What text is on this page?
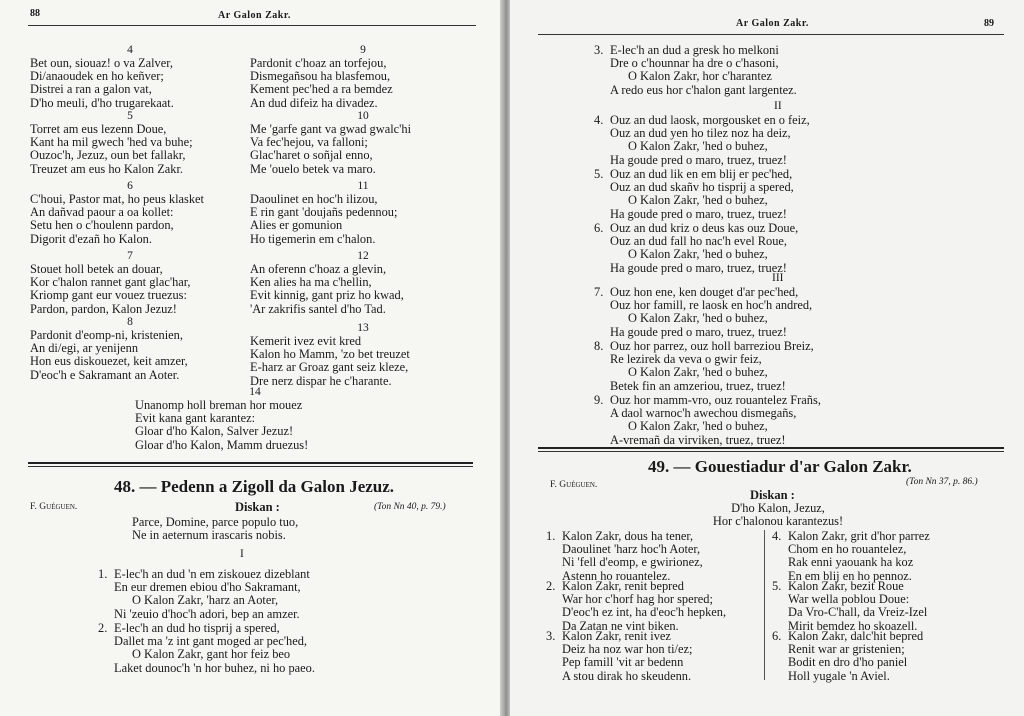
88	Ar Galon Zakr.
4
Bet oun, siouaz! o va Zalver,
Di/anaoudek en ho keñver;
Distrei a ran a galon vat,
D'ho meuli, d'ho trugarekaat.
5
Torret am eus lezenn Doue,
Kant ha mil gwech 'hed va buhe;
Ouzoc'h, Jezuz, oun bet fallakr,
Treuzet am eus ho Kalon Zakr.
6
C'houi, Pastor mat, ho peus klasket
An dañvad paour a oa kollet:
Setu hen o c'houlenn pardon,
Digorit d'ezañ ho Kalon.
7
Stouet holl betek an douar,
Kor c'halon rannet gant glac'har,
Kriomp gant eur vouez truezus:
Pardon, pardon, Kalon Jezuz!
8
Pardonit d'eomp-ni, kristenien,
An di/egi, ar yenijenn
Hon eus diskouezet, keit amzer,
D'eoc'h e Sakramant an Aoter.
9
Pardonit c'hoaz an torfejou,
Dismegañsou ha blasfemou,
Kement pec'hed a ra bemdez
An dud difeiz ha divadez.
10
Me 'garfe gant va gwad gwalc'hi
Va fec'hejou, va falloni;
Glac'haret o soñjal enno,
Me 'ouelo betek va maro.
11
Daoulinet en hoc'h ilizou,
E rin gant 'doujañs pedennou;
Alies er gomunion
Ho tigemerin em c'halon.
12
An oferenn c'hoaz a glevin,
Ken alies ha ma c'hellin,
Evit kinnig, gant priz ho kwad,
'Ar zakrifis santel d'ho Tad.
13
Kemerit ivez evit kred
Kalon ho Mamm, 'zo bet treuzet
E-harz ar Groaz gant seiz kleze,
Dre nerz dispar he c'harante.
14
Unanomp holl breman hor mouez
Evit kana gant karantez:
Gloar d'ho Kalon, Salver Jezuz!
Gloar d'ho Kalon, Mamm druezus!
48. — Pedenn a Zigoll da Galon Jezuz.
F. Guéguen.	Diskan :	(Ton Nn 40, p. 79.)
Parce, Domine, parce populo tuo,
Ne in aeternum irascaris nobis.
I
1.E-lec'h an dud 'n em ziskouez dizeblant
En eur dremen ebiou d'ho Sakramant,
O Kalon Zakr, 'harz an Aoter,
Ni 'zeuio d'hoc'h adori, bep an amzer.
2.E-lec'h an dud ho tisprij a spered,
Dallet ma 'z int gant moged ar pec'hed,
O Kalon Zakr, gant hor feiz beo
Laket dounoc'h 'n hor buhez, ni ho paeo.
Ar Galon Zakr.	89
3.E-lec'h an dud a gresk ho melkoni
Dre o c'hounnar ha dre o c'hasoni,
O Kalon Zakr, hor c'harantez
A redo eus hor c'halon gant largentez.
II
4.Ouz an dud laosk, morgousket en o feiz,
Ouz an dud yen ho tilez noz ha deiz,
O Kalon Zakr, 'hed o buhez,
Ha goude pred o maro, truez, truez!
5.Ouz an dud lik en em blij er pec'hed,
Ouz an dud skañv ho tisprij a spered,
O Kalon Zakr, 'hed o buhez,
Ha goude pred o maro, truez, truez!
6.Ouz an dud kriz o deus kas ouz Doue,
Ouz an dud fall ho nac'h evel Roue,
O Kalon Zakr, 'hed o buhez,
Ha goude pred o maro, truez, truez!
III
7.Ouz hon ene, ken douget d'ar pec'hed,
Ouz hor famill, re laosk en hoc'h andred,
O Kalon Zakr, 'hed o buhez,
Ha goude pred o maro, truez, truez!
8.Ouz hor parrez, ouz holl barreziou Breiz,
Re lezirek da veva o gwir feiz,
O Kalon Zakr, 'hed o buhez,
Betek fin an amzeriou, truez, truez!
9.Ouz hor mamm-vro, ouz rouantelez Frañs,
A daol warnoc'h awechou dismegañs,
O Kalon Zakr, 'hed o buhez,
A-vremañ da virviken, truez, truez!
49. — Gouestiadur d'ar Galon Zakr.
F. Guéguen.	(Ton Nn 37, p. 86.)
Diskan :
D'ho Kalon, Jezuz,
Hor c'halonou karantezus!
1.Kalon Zakr, dous ha tener,
Daoulinet 'harz hoc'h Aoter,
Ni 'fell d'eomp, e gwirionez,
Astenn ho rouantelez.
2.Kalon Zakr, renit bepred
War hor c'horf hag hor spered;
D'eoc'h ez int, ha d'eoc'h hepken,
Da Zatan ne vint biken.
3.Kalon Zakr, renit ivez
Deiz ha noz war hon ti/ez;
Pep famill 'vit ar bedenn
A stou dirak ho skeudenn.
4.Kalon Zakr, grit d'hor parrez
Chom en ho rouantelez,
Rak enni yaouank ha koz
En em blij en ho pennoz.
5.Kalon Zakr, bezit Roue
War wella poblou Doue:
Da Vro-C'hall, da Vreiz-Izel
Mirit bemdez ho skoazell.
6.Kalon Zakr, dalc'hit bepred
Renit war ar gristenien;
Bodit en dro d'ho paniel
Holl yugale 'n Aviel.
